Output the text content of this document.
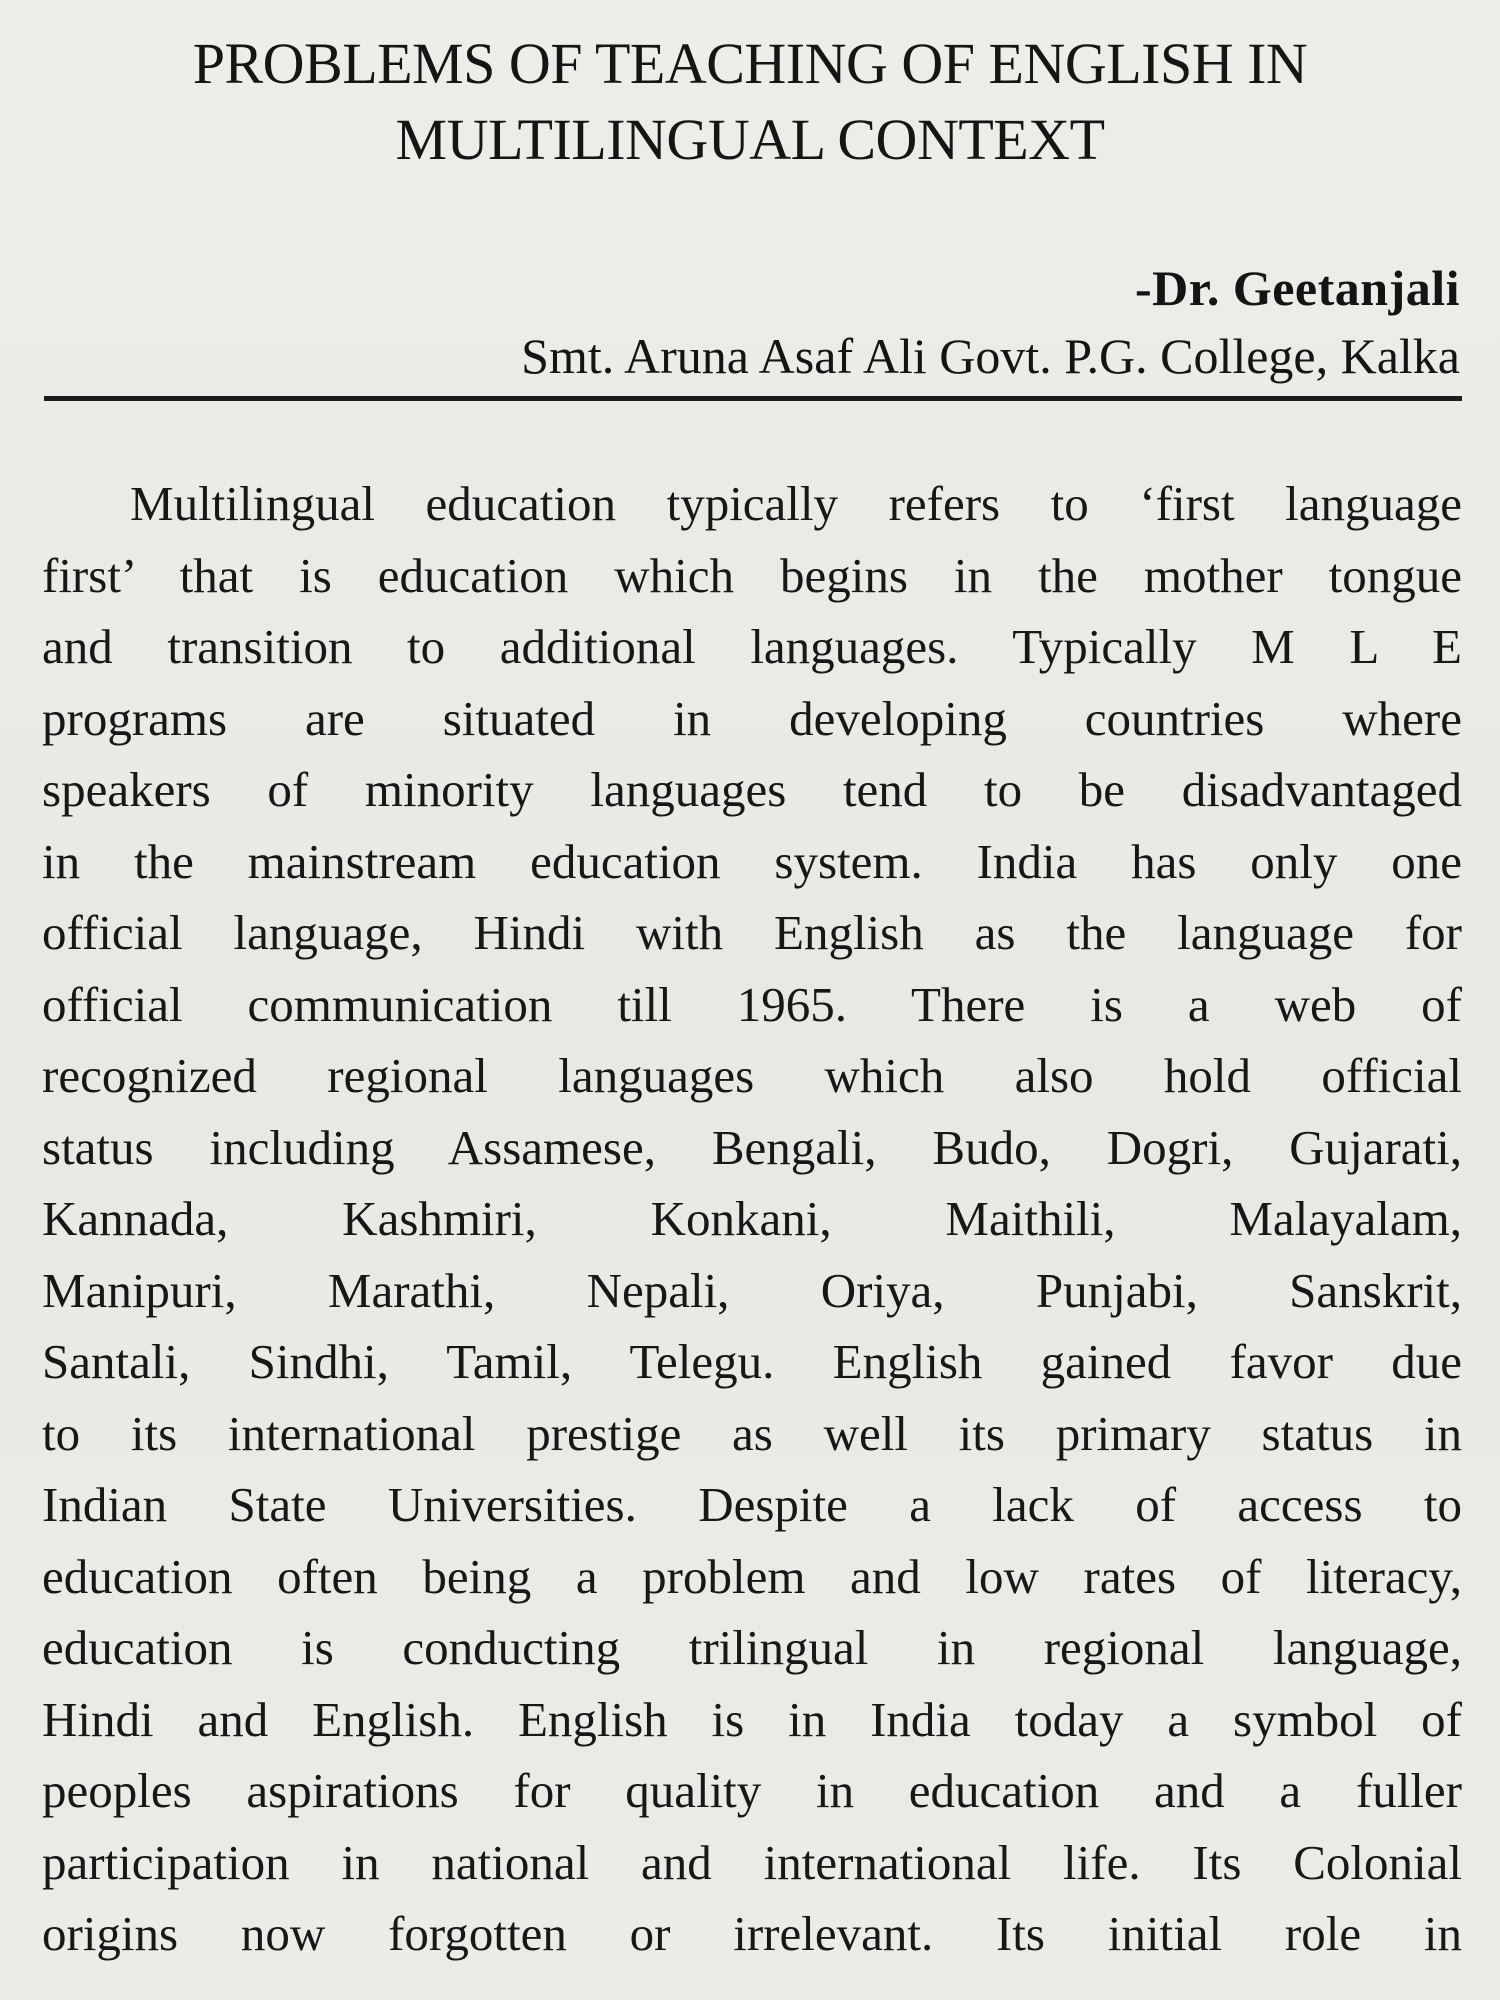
PROBLEMS OF TEACHING OF ENGLISH IN
MULTILINGUAL CONTEXT
-Dr. Geetanjali
Smt. Aruna Asaf Ali Govt. P.G. College, Kalka
Multilingual education typically refers to ‘first language
first’ that is education which begins in the mother tongue
and transition to additional languages. Typically M L E
programs are situated in developing countries where
speakers of minority languages tend to be disadvantaged
in the mainstream education system. India has only one
official language, Hindi with English as the language for
official communication till 1965. There is a web of
recognized regional languages which also hold official
status including Assamese, Bengali, Budo, Dogri, Gujarati,
Kannada, Kashmiri, Konkani, Maithili, Malayalam,
Manipuri, Marathi, Nepali, Oriya, Punjabi, Sanskrit,
Santali, Sindhi, Tamil, Telegu. English gained favor due
to its international prestige as well its primary status in
Indian State Universities. Despite a lack of access to
education often being a problem and low rates of literacy,
education is conducting trilingual in regional language,
Hindi and English. English is in India today a symbol of
peoples aspirations for quality in education and a fuller
participation in national and international life. Its Colonial
origins now forgotten or irrelevant. Its initial role in
